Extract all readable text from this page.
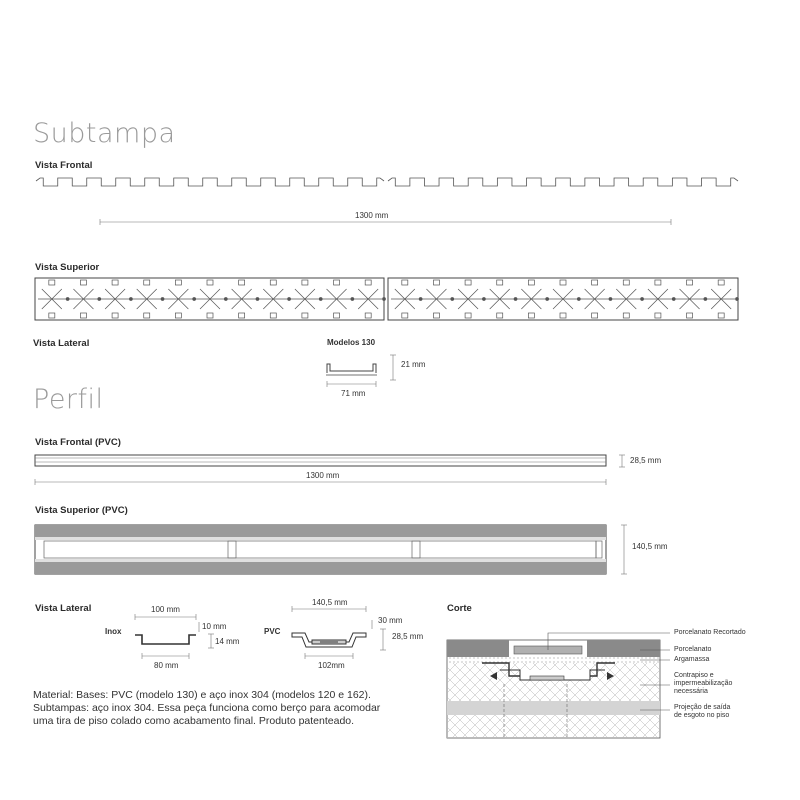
Subtampa
Vista Frontal
1300 mm
Vista Superior
Vista Lateral	Modelos 130
21 mm
71 mm
Perfil
Vista Frontal (PVC)
28,5 mm
1300 mm
Vista Superior (PVC)
140,5 mm
Vista Lateral
Inox
100 mm
10 mm
14 mm
80 mm
PVC
140,5 mm
30 mm
28,5 mm
102mm
Corte
Porcelanato Recortado
Porcelanato
Argamassa
Contrapiso e
impermeabilização
necessária
Projeção de saída
de esgoto no piso
Material: Bases: PVC (modelo 130) e aço inox 304 (modelos 120 e 162).
Subtampas: aço inox 304. Essa peça funciona como berço para acomodar
uma tira de piso colado como acabamento final. Produto patenteado.
